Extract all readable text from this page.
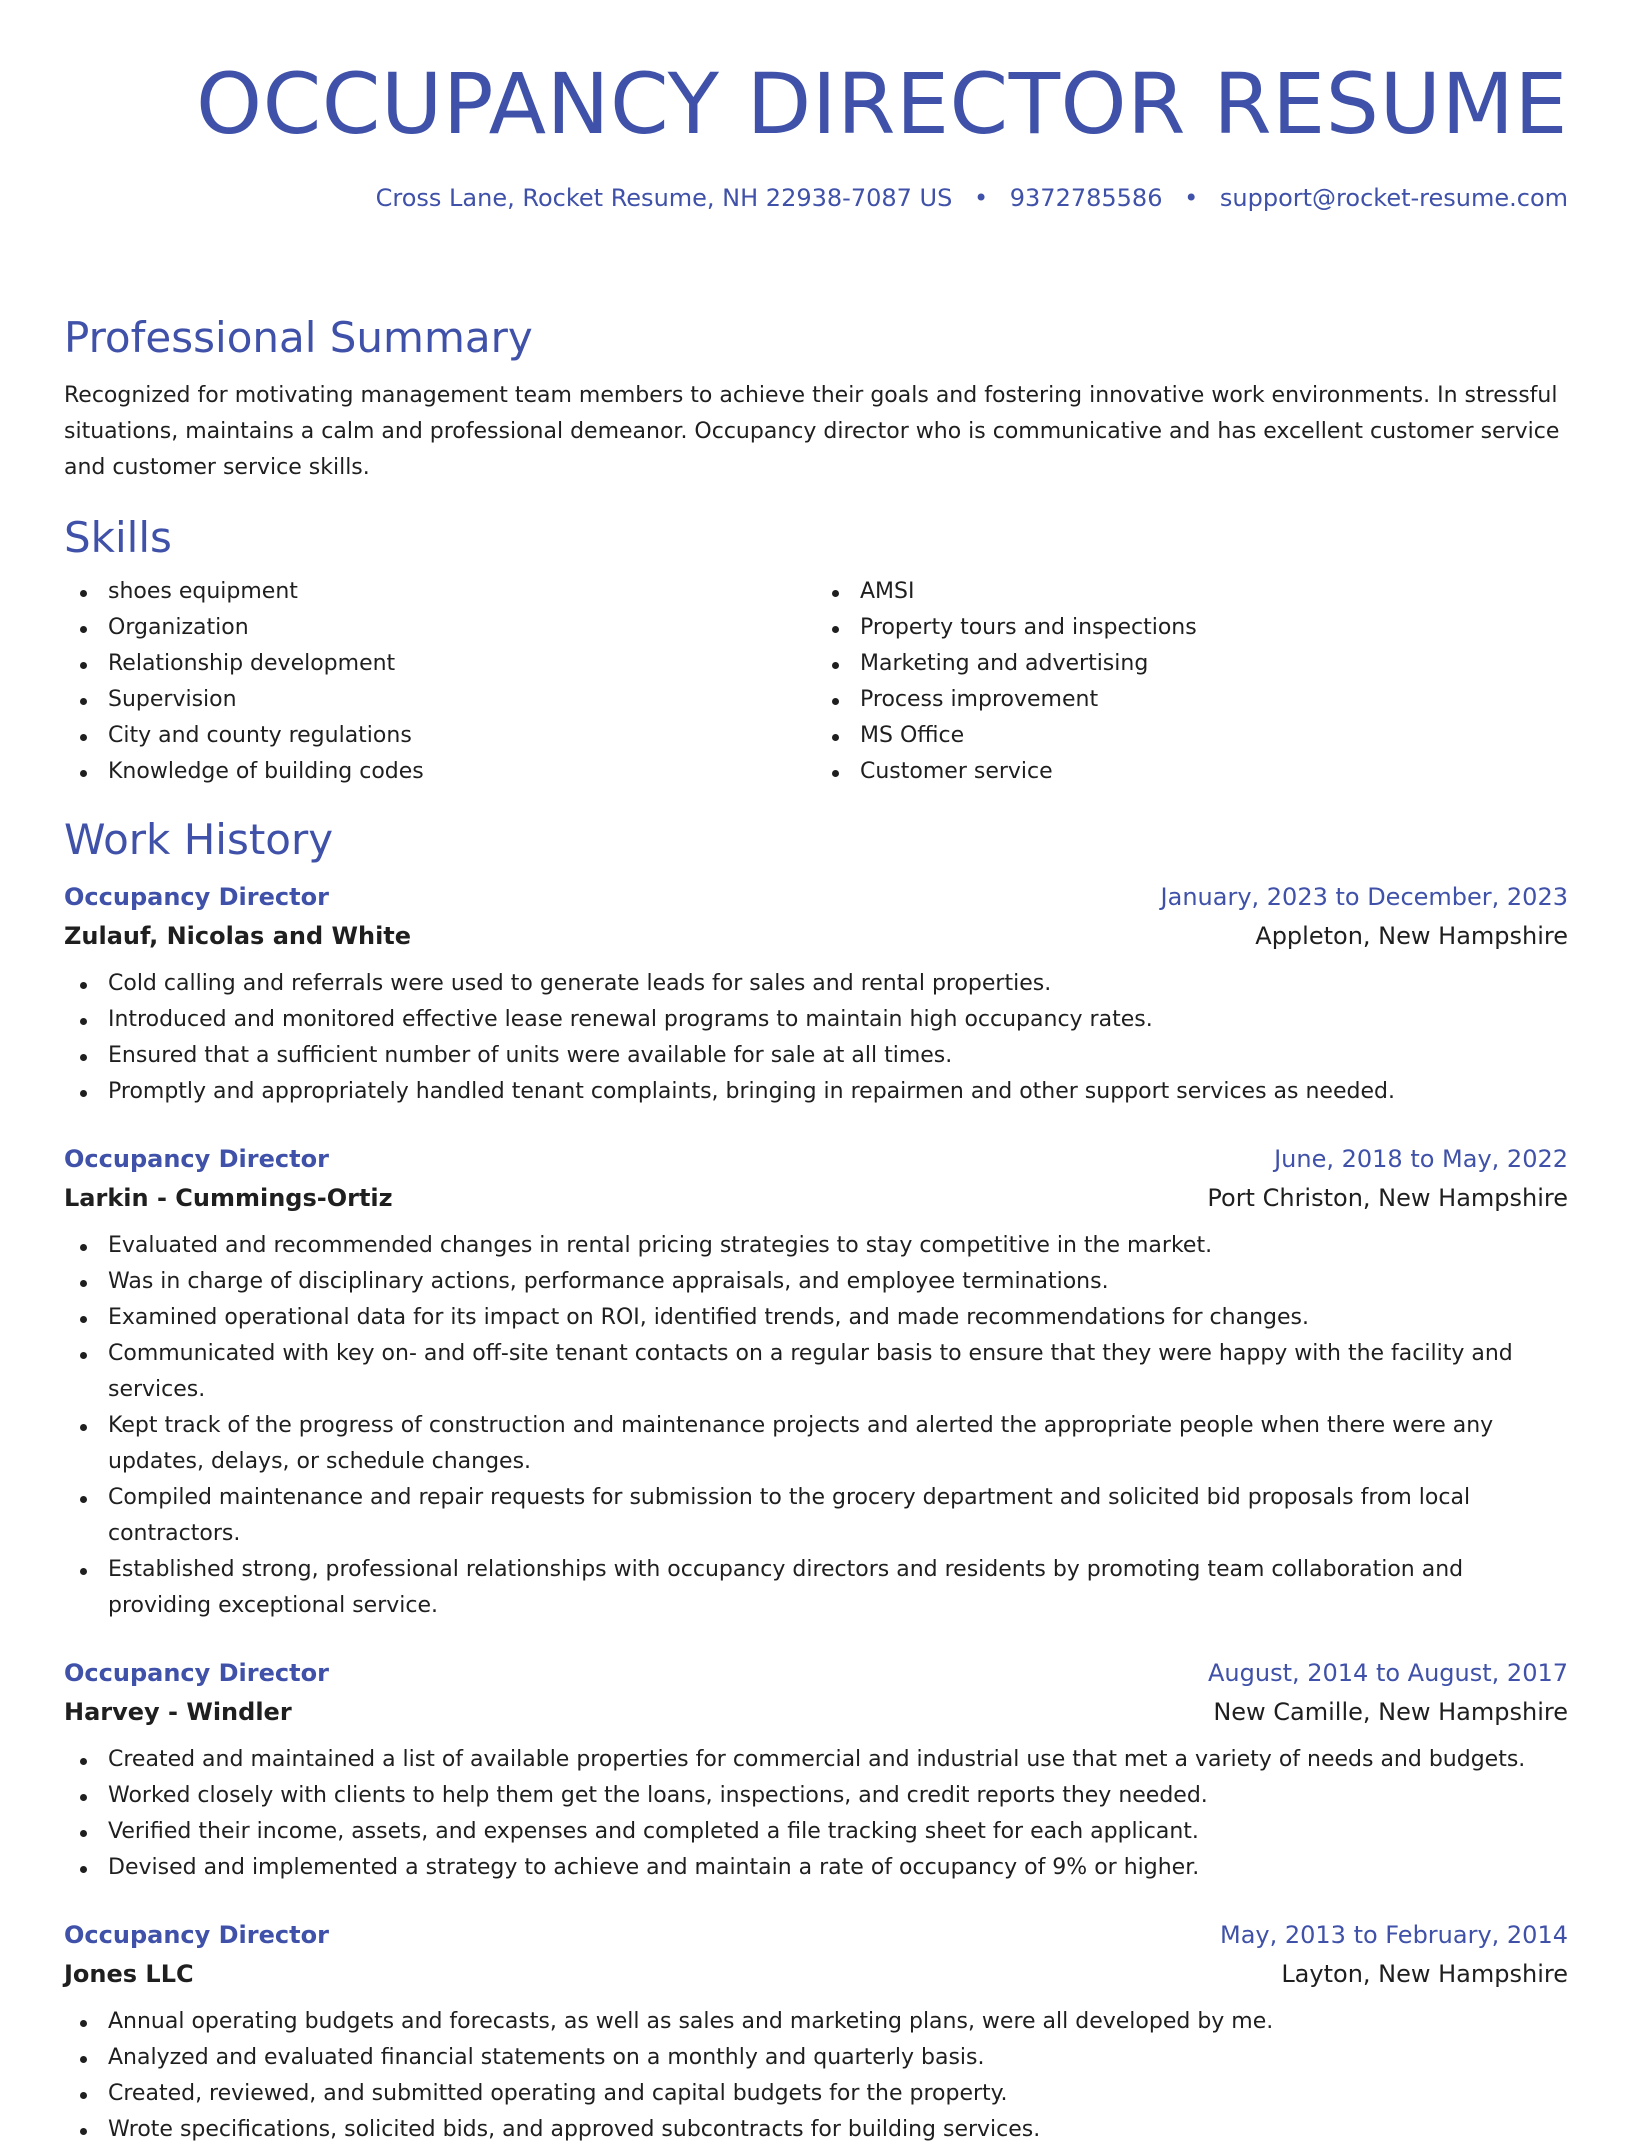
OCCUPANCY DIRECTOR RESUME
Cross Lane, Rocket Resume, NH 22938-7087 US • 9372785586 • support@rocket-resume.com
Professional Summary

Recognized for motivating management team members to achieve their goals and fostering innovative work environments. In stressful situations, maintains a calm and professional demeanor. Occupancy director who is communicative and has excellent customer service and customer service skills.

Skills
shoes equipment
Organization
Relationship development
Supervision
City and county regulations
Knowledge of building codes
AMSI
Property tours and inspections
Marketing and advertising
Process improvement
MS Office
Customer service
Work History
Occupancy Director	January, 2023 to December, 2023
Zulauf, Nicolas and White	Appleton, New Hampshire
Cold calling and referrals were used to generate leads for sales and rental properties.
Introduced and monitored effective lease renewal programs to maintain high occupancy rates.
Ensured that a sufficient number of units were available for sale at all times.
Promptly and appropriately handled tenant complaints, bringing in repairmen and other support services as needed.
Occupancy Director	June, 2018 to May, 2022
Larkin - Cummings-Ortiz	Port Christon, New Hampshire
Evaluated and recommended changes in rental pricing strategies to stay competitive in the market.
Was in charge of disciplinary actions, performance appraisals, and employee terminations.
Examined operational data for its impact on ROI, identified trends, and made recommendations for changes.
Communicated with key on- and off-site tenant contacts on a regular basis to ensure that they were happy with the facility and services.
Kept track of the progress of construction and maintenance projects and alerted the appropriate people when there were any updates, delays, or schedule changes.
Compiled maintenance and repair requests for submission to the grocery department and solicited bid proposals from local contractors.
Established strong, professional relationships with occupancy directors and residents by promoting team collaboration and providing exceptional service.
Occupancy Director	August, 2014 to August, 2017
Harvey - Windler	New Camille, New Hampshire
Created and maintained a list of available properties for commercial and industrial use that met a variety of needs and budgets.
Worked closely with clients to help them get the loans, inspections, and credit reports they needed.
Verified their income, assets, and expenses and completed a file tracking sheet for each applicant.
Devised and implemented a strategy to achieve and maintain a rate of occupancy of 9% or higher.
Occupancy Director	May, 2013 to February, 2014
Jones LLC	Layton, New Hampshire
Annual operating budgets and forecasts, as well as sales and marketing plans, were all developed by me.
Analyzed and evaluated financial statements on a monthly and quarterly basis.
Created, reviewed, and submitted operating and capital budgets for the property.
Wrote specifications, solicited bids, and approved subcontracts for building services.
